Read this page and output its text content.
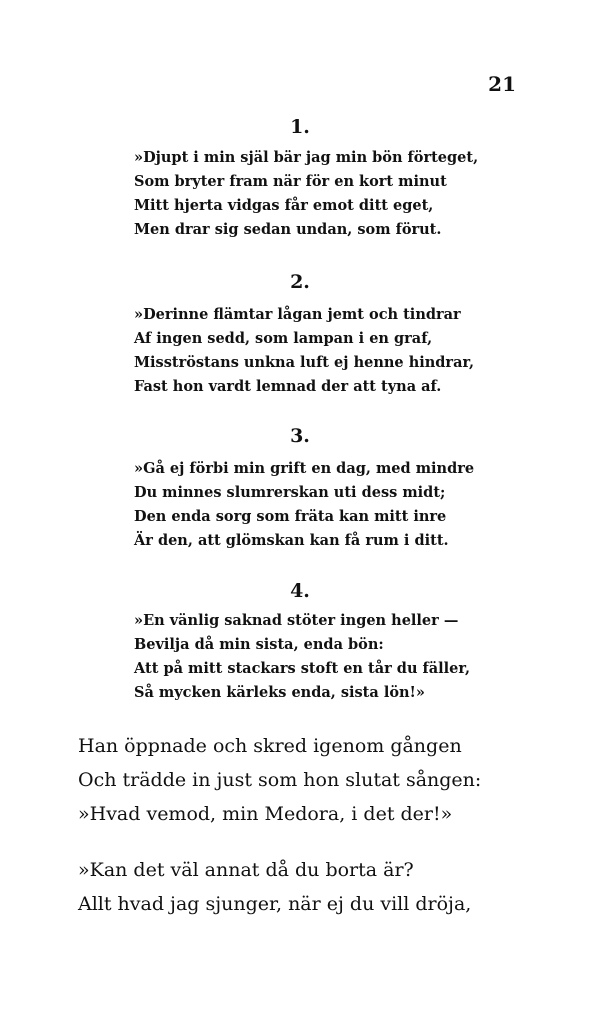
21
1.
»Djupt i min själ bär jag min bön förteget,
Som bryter fram när för en kort minut
Mitt hjerta vidgas får emot ditt eget,
Men drar sig sedan undan, som förut.
2.
»Derinne flämtar lågan jemt och tindrar
Af ingen sedd, som lampan i en graf,
Misströstans unkna luft ej henne hindrar,
Fast hon vardt lemnad der att tyna af.
3.
»Gå ej förbi min grift en dag, med mindre
Du minnes slumrerskan uti dess midt;
Den enda sorg som fräta kan mitt inre
Är den, att glömskan kan få rum i ditt.
4.
»En vänlig saknad stöter ingen heller —
Bevilja då min sista, enda bön:
Att på mitt stackars stoft en tår du fäller,
Så mycken kärleks enda, sista lön!»
Han öppnade och skred igenom gången
Och trädde in just som hon slutat sången:
»Hvad vemod, min Medora, i det der!»
»Kan det väl annat då du borta är?
Allt hvad jag sjunger, när ej du vill dröja,
